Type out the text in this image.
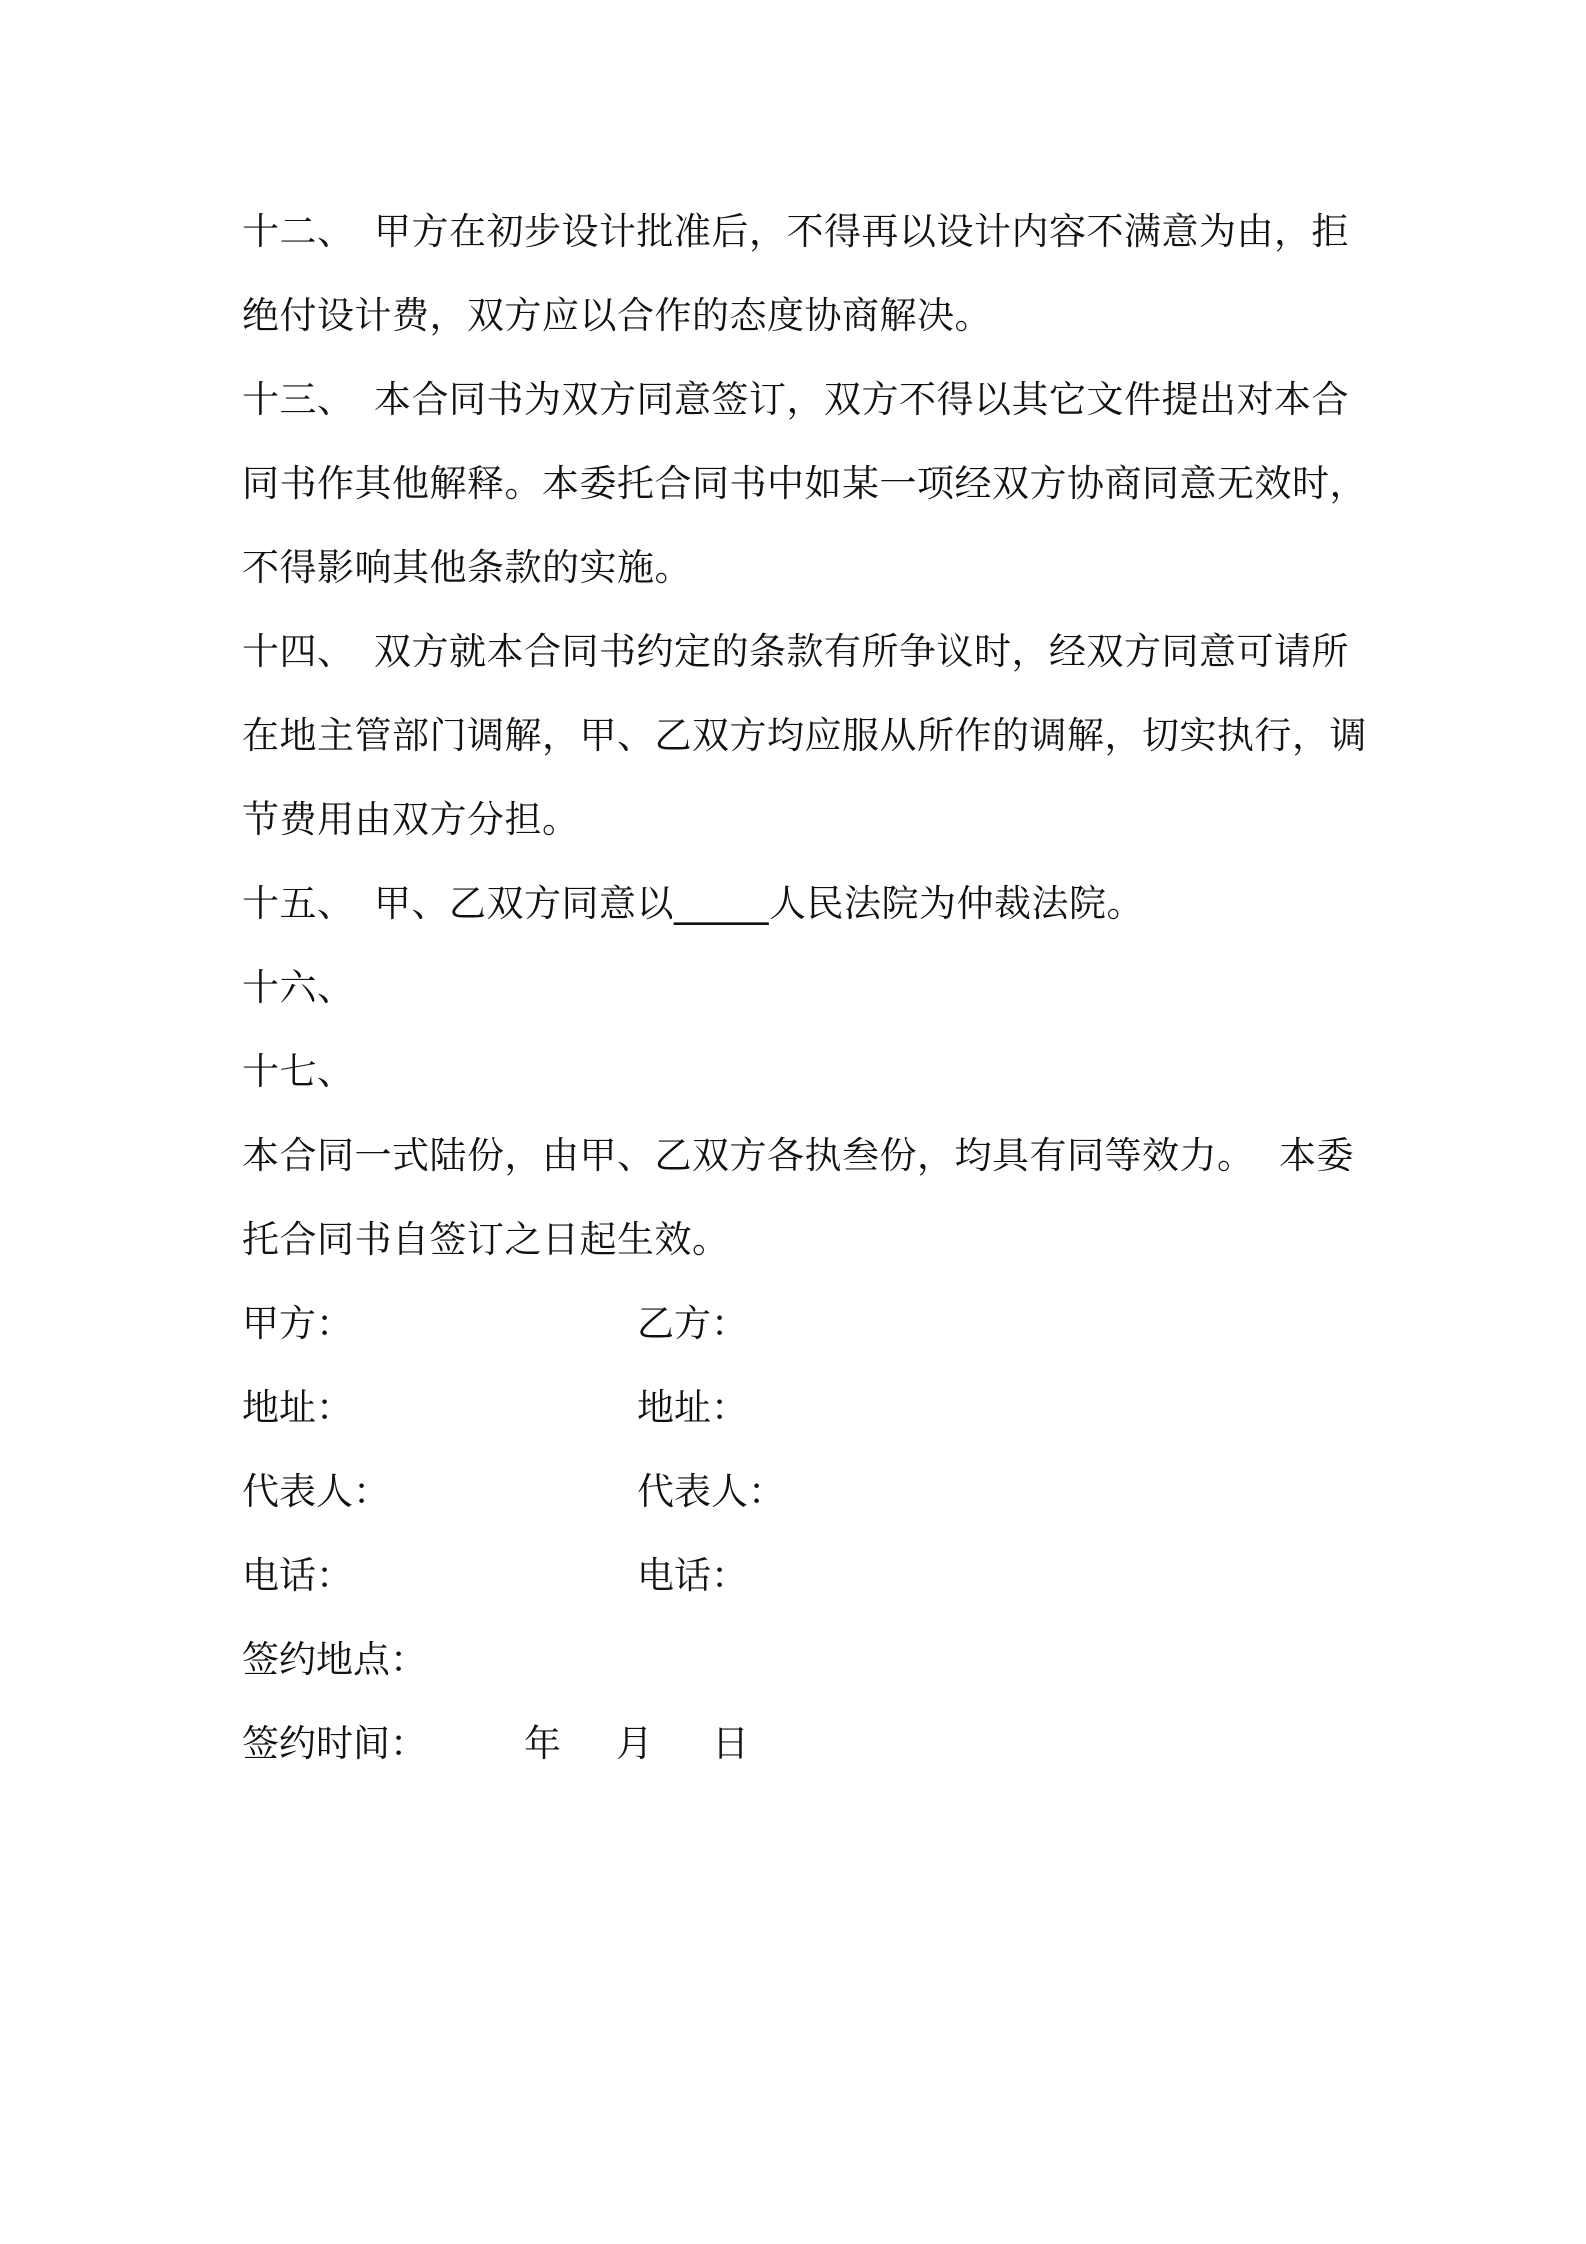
十二、 甲方在初步设计批准后，不得再以设计内容不满意为由，拒
绝付设计费，双方应以合作的态度协商解决。
十三、 本合同书为双方同意签订，双方不得以其它文件提出对本合
同书作其他解释。本委托合同书中如某一项经双方协商同意无效时，
不得影响其他条款的实施。
十四、 双方就本合同书约定的条款有所争议时，经双方同意可请所
在地主管部门调解，甲、乙双方均应服从所作的调解，切实执行，调
节费用由双方分担。
十五、 甲、乙双方同意以_____人民法院为仲裁法院。
十六、
十七、
本合同一式陆份，由甲、乙双方各执叁份，均具有同等效力。  本委
托合同书自签订之日起生效。
甲方：	乙方：
地址：	地址：
代表人：	代表人：
电话：	电话：
签约地点：
签约时间：	年 月 日
